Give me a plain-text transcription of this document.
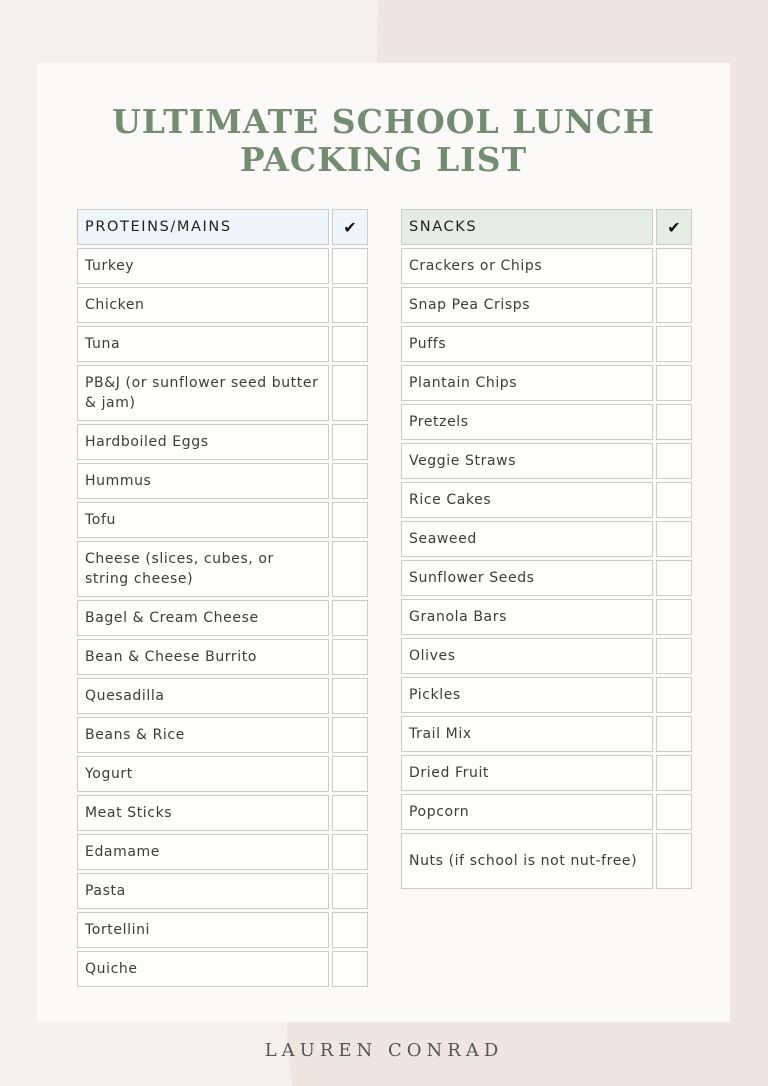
ULTIMATE SCHOOL LUNCH
PACKING LIST
PROTEINS/MAINS	✔
Turkey
Chicken
Tuna
PB&J (or sunflower seed butter & jam)
Hardboiled Eggs
Hummus
Tofu
Cheese (slices, cubes, or string cheese)
Bagel & Cream Cheese
Bean & Cheese Burrito
Quesadilla
Beans & Rice
Yogurt
Meat Sticks
Edamame
Pasta
Tortellini
Quiche
SNACKS	✔
Crackers or Chips
Snap Pea Crisps
Puffs
Plantain Chips
Pretzels
Veggie Straws
Rice Cakes
Seaweed
Sunflower Seeds
Granola Bars
Olives
Pickles
Trail Mix
Dried Fruit
Popcorn
Nuts (if school is not nut-free)
LAUREN CONRAD
